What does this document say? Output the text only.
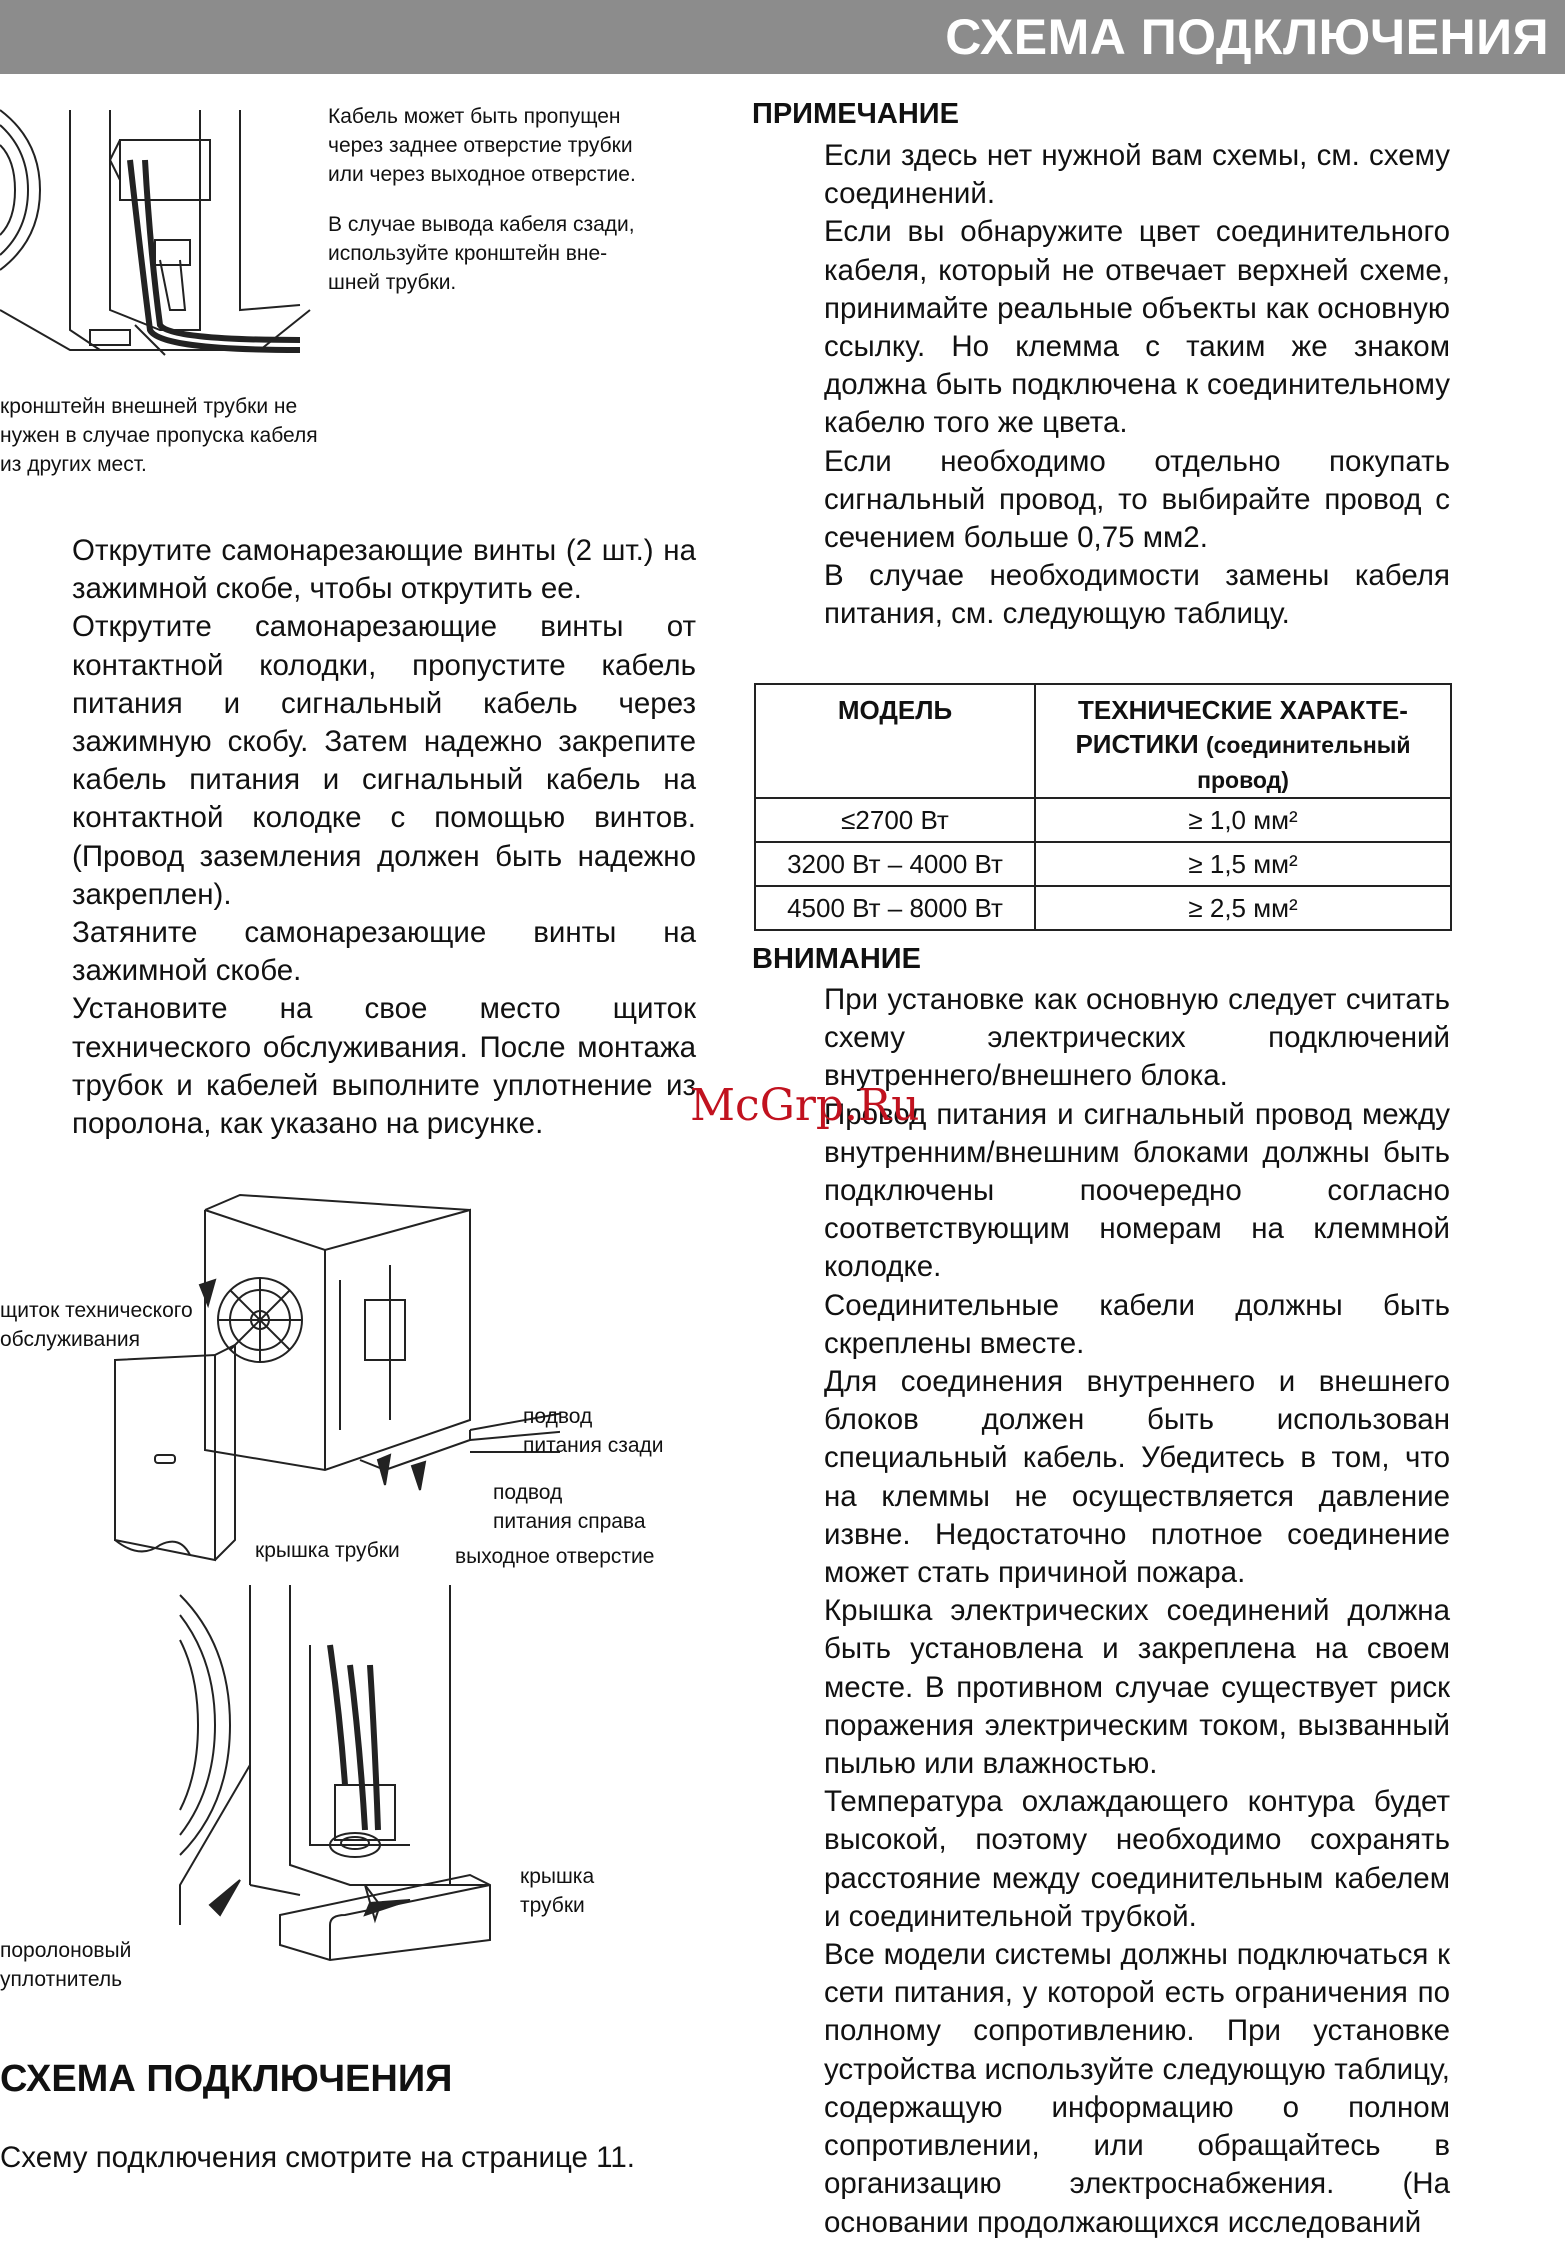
СХЕМА ПОДКЛЮЧЕНИЯ
Кабель может быть пропущен
через заднее отверстие трубки
или через выходное отверстие.
В случае вывода кабеля сзади,
используйте кронштейн вне-
шней трубки.
кронштейн внешней трубки не
нужен в случае пропуска кабеля
из других мест.

Открутите самонарезающие винты (2 шт.) на зажимной скобе, чтобы открутить ее.

Открутите самонарезающие винты от контактной колодки, пропустите кабель питания и сигнальный кабель через зажимную скобу. Затем надежно закрепите кабель питания и сигнальный кабель на контактной колодке с помощью винтов. (Провод заземления должен быть надежно закреплен).

Затяните самонарезающие винты на зажимной скобе.

Установите на свое место щиток технического обслуживания. После монтажа трубок и кабелей выполните уплотнение из поролона, как указано на рисунке.

щиток технического
обслуживания
подвод
питания сзади
подвод
питания справа
крышка трубки	выходное отверстие
крышка
трубки
поролоновый
уплотнитель
СХЕМА ПОДКЛЮЧЕНИЯ
Схему подключения смотрите на странице 11.
ПРИМЕЧАНИЕ

Если здесь нет нужной вам схемы, см. схему соединений.

Если вы обнаружите цвет соединительного кабеля, который не отвечает верхней схеме, принимайте реальные объекты как основную ссылку. Но клемма с таким же знаком должна быть подключена к соединительному кабелю того же цвета.

Если необходимо отдельно покупать сигнальный провод, то выбирайте провод с сечением больше 0,75 мм2.

В случае необходимости замены кабеля питания, см. следующую таблицу.

МОДЕЛЬ	ТЕХНИЧЕСКИЕ ХАРАКТЕ-
РИСТИКИ (соединительный провод)

≤2700 Вт	≥ 1,0 мм²
3200 Вт – 4000 Вт	≥ 1,5 мм²
4500 Вт – 8000 Вт	≥ 2,5 мм²
ВНИМАНИЕ

При установке как основную следует считать схему электрических подключений внутреннего/внешнего блока.

Провод питания и сигнальный провод между внутренним/внешним блоками должны быть подключены поочередно согласно соответствующим номерам на клеммной колодке.

Соединительные кабели должны быть скреплены вместе.

Для соединения внутреннего и внешнего блоков должен быть использован специальный кабель. Убедитесь в том, что на клеммы не осуществляется давление извне. Недостаточно плотное соединение может стать причиной пожара.

Крышка электрических соединений должна быть установлена и закреплена на своем месте. В противном случае существует риск поражения электрическим током, вызванный пылью или влажностью.

Температура охлаждающего контура будет высокой, поэтому необходимо сохранять расстояние между соединительным кабелем и соединительной трубкой.

Все модели системы должны подключаться к сети питания, у которой есть ограничения по полному сопротивлению. При установке устройства используйте следующую таблицу, содержащую информацию о полном сопротивлении, или обращайтесь в организацию электроснабжения. (На основании продолжающихся исследований

McGrp.Ru
